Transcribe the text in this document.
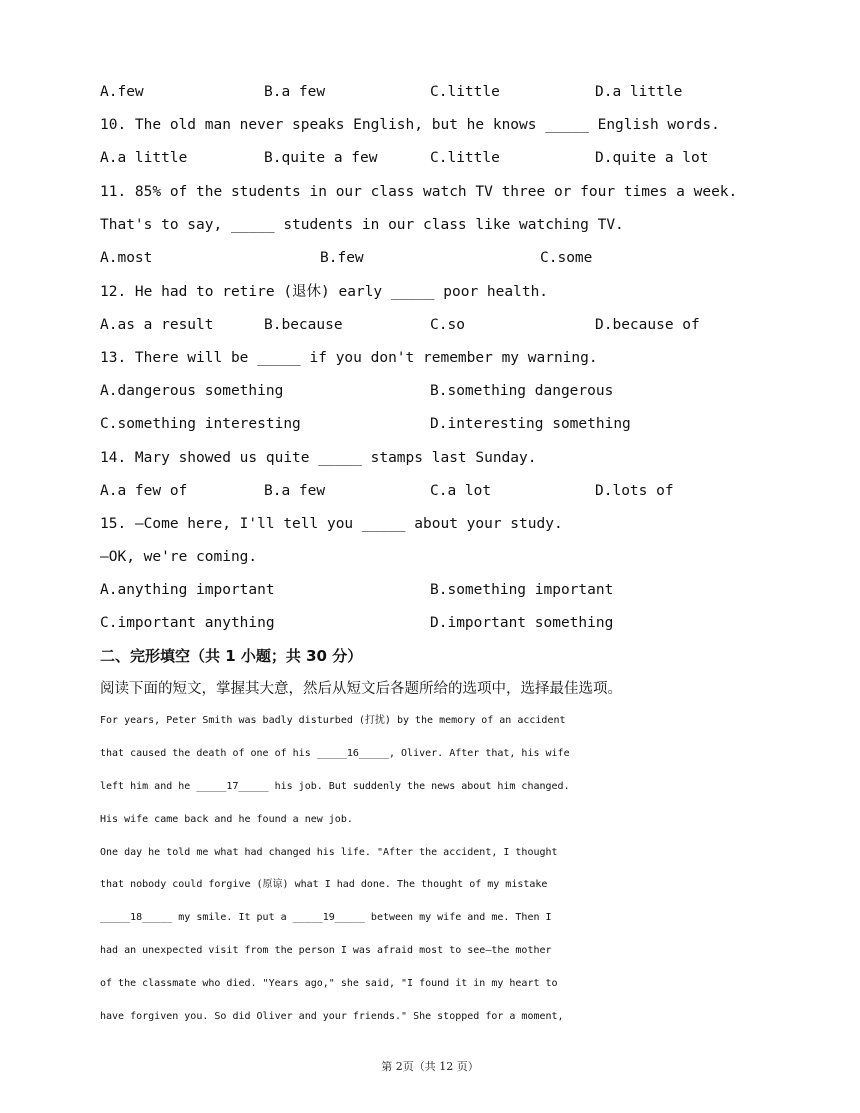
A.few	B.a few	C.little	D.a little
10. The old man never speaks English, but he knows _____ English words.
A.a little	B.quite a few	C.little	D.quite a lot
11. 85% of the students in our class watch TV three or four times a week.
That's to say, _____ students in our class like watching TV.
A.most	B.few	C.some
12. He had to retire (退休) early _____ poor health.
A.as a result	B.because	C.so	D.because of
13. There will be _____ if you don't remember my warning.
A.dangerous something	B.something dangerous
C.something interesting	D.interesting something
14. Mary showed us quite _____ stamps last Sunday.
A.a few of	B.a few	C.a lot	D.lots of
15. —Come here, I'll tell you _____ about your study.
—OK, we're coming.
A.anything important	B.something important
C.important anything	D.important something
二、完形填空（共 1 小题；共 30 分）
阅读下面的短文，掌握其大意，然后从短文后各题所给的选项中，选择最佳选项。
For years, Peter Smith was badly disturbed (打扰) by the memory of an accident
that caused the death of one of his _____16_____, Oliver. After that, his wife
left him and he _____17_____ his job. But suddenly the news about him changed.
His wife came back and he found a new job.
One day he told me what had changed his life. "After the accident, I thought
that nobody could forgive (原谅) what I had done. The thought of my mistake
_____18_____ my smile. It put a _____19_____ between my wife and me. Then I
had an unexpected visit from the person I was afraid most to see—the mother
of the classmate who died. "Years ago," she said, "I found it in my heart to
have forgiven you. So did Oliver and your friends." She stopped for a moment,
第 2页（共 12 页）
